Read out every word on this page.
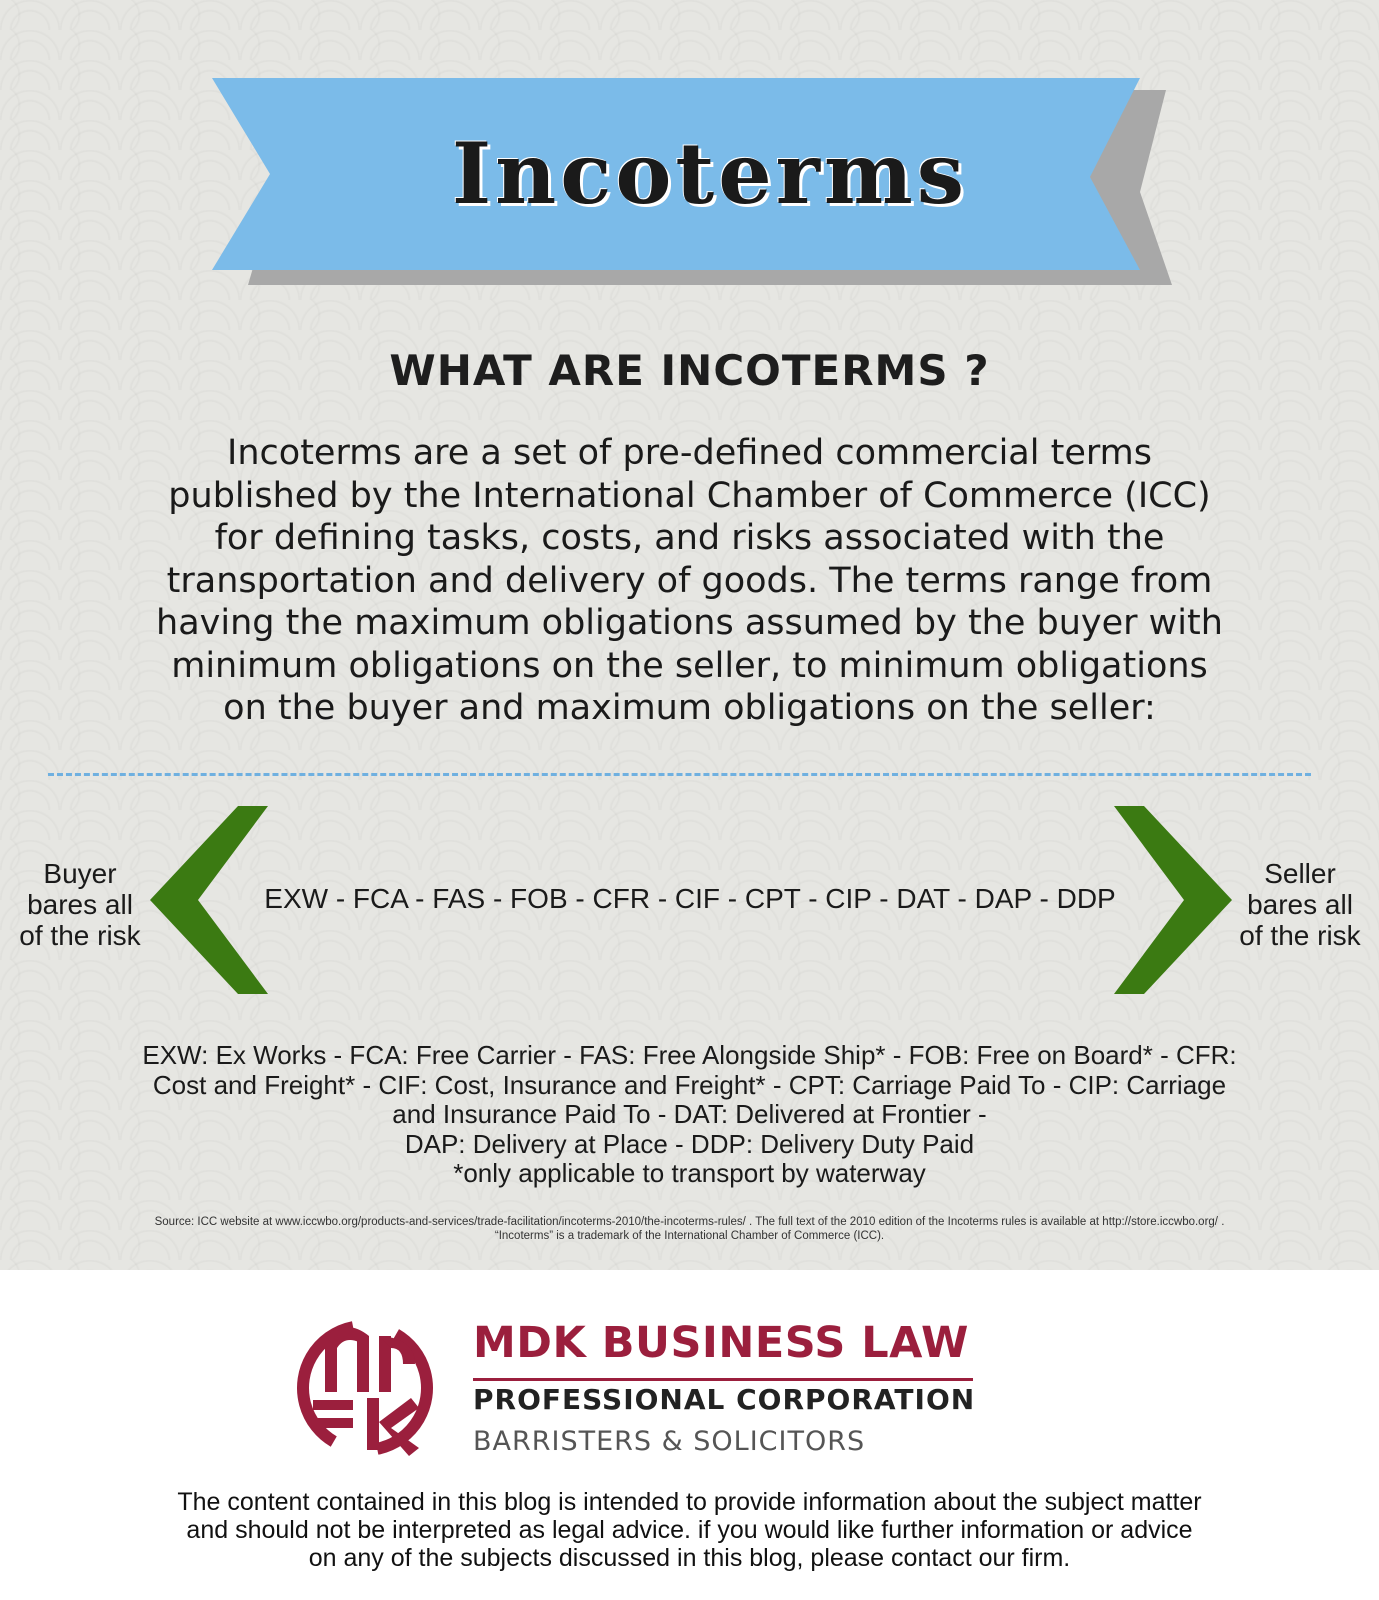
Incoterms
WHAT ARE INCOTERMS ?
Incoterms are a set of pre-defined commercial terms
published by the International Chamber of Commerce (ICC)
for defining tasks, costs, and risks associated with the
transportation and delivery of goods. The terms range from
having the maximum obligations assumed by the buyer with
minimum obligations on the seller, to minimum obligations
on the buyer and maximum obligations on the seller:
Buyer
bares all
of the risk
EXW - FCA - FAS - FOB - CFR - CIF - CPT - CIP - DAT - DAP - DDP
Seller
bares all
of the risk
EXW: Ex Works - FCA: Free Carrier - FAS: Free Alongside Ship* - FOB: Free on Board* - CFR:
Cost and Freight* - CIF: Cost, Insurance and Freight* - CPT: Carriage Paid To - CIP: Carriage
and Insurance Paid To - DAT: Delivered at Frontier -
DAP: Delivery at Place - DDP: Delivery Duty Paid
*only applicable to transport by waterway
Source: ICC website at www.iccwbo.org/products-and-services/trade-facilitation/incoterms-2010/the-incoterms-rules/ . The full text of the 2010 edition of the Incoterms rules is available at http://store.iccwbo.org/ .
“Incoterms” is a trademark of the International Chamber of Commerce (ICC).
MDK BUSINESS LAW
PROFESSIONAL CORPORATION
BARRISTERS & SOLICITORS
The content contained in this blog is intended to provide information about the subject matter
and should not be interpreted as legal advice. if you would like further information or advice
on any of the subjects discussed in this blog, please contact our firm.
